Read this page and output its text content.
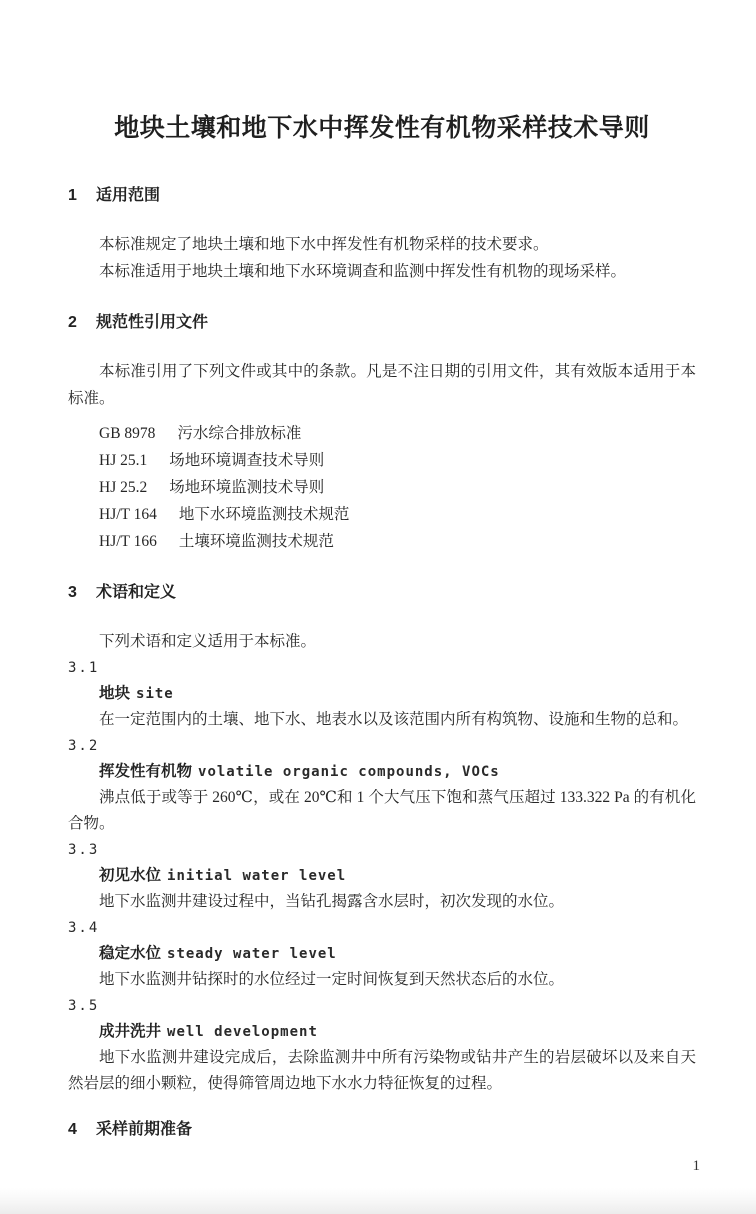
地块土壤和地下水中挥发性有机物采样技术导则
1	适用范围

本标准规定了地块土壤和地下水中挥发性有机物采样的技术要求。

本标准适用于地块土壤和地下水环境调查和监测中挥发性有机物的现场采样。

2	规范性引用文件

本标准引用了下列文件或其中的条款。凡是不注日期的引用文件，其有效版本适用于本标准。

GB 8978 污水综合排放标准
HJ 25.1 场地环境调查技术导则
HJ 25.2 场地环境监测技术导则
HJ/T 164 地下水环境监测技术规范
HJ/T 166 土壤环境监测技术规范
3	术语和定义

下列术语和定义适用于本标准。

3.1
地块 site

在一定范围内的土壤、地下水、地表水以及该范围内所有构筑物、设施和生物的总和。

3.2
挥发性有机物 volatile organic compounds, VOCs

沸点低于或等于 260℃，或在 20℃和 1 个大气压下饱和蒸气压超过 133.322 Pa 的有机化合物。

3.3
初见水位 initial water level

地下水监测井建设过程中，当钻孔揭露含水层时，初次发现的水位。

3.4
稳定水位 steady water level

地下水监测井钻探时的水位经过一定时间恢复到天然状态后的水位。

3.5
成井洗井 well development

地下水监测井建设完成后，去除监测井中所有污染物或钻井产生的岩层破坏以及来自天然岩层的细小颗粒，使得筛管周边地下水水力特征恢复的过程。

4	采样前期准备
1
